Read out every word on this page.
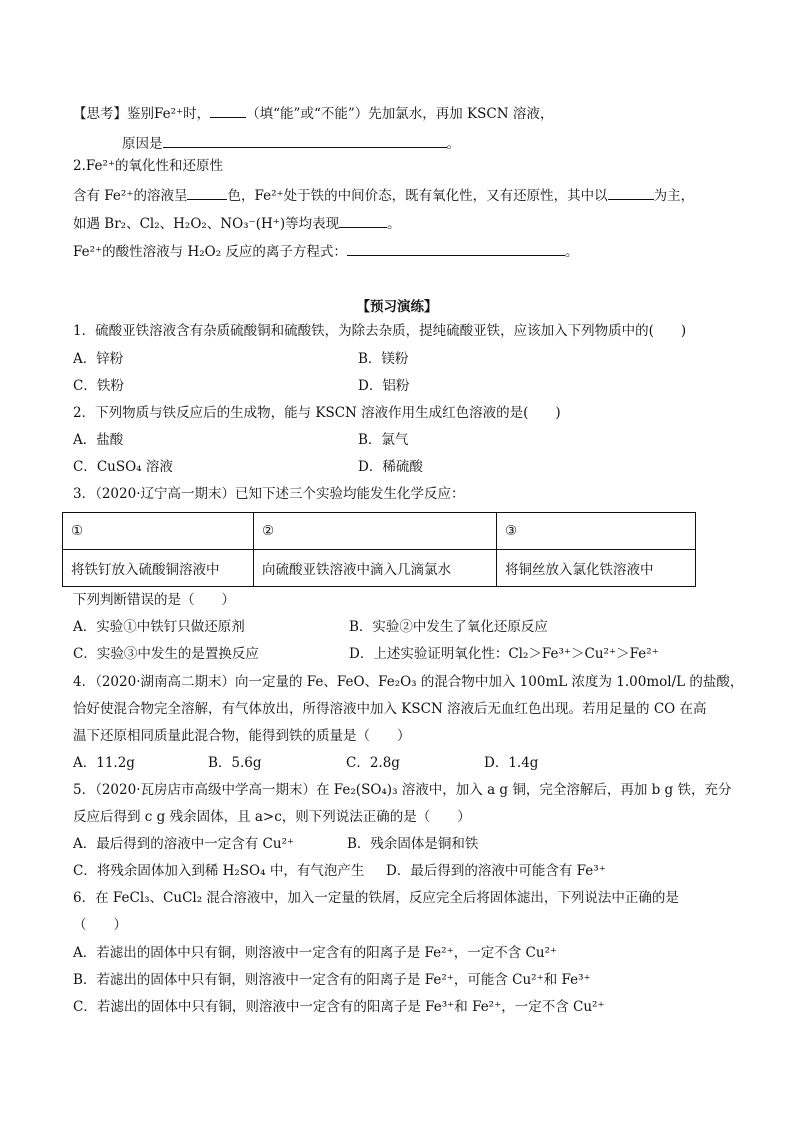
【思考】鉴别Fe²⁺时，	（填“能”或“不能”）先加氯水，再加 KSCN 溶液，
原因是	。
2.Fe²⁺的氧化性和还原性
含有 Fe²⁺的溶液呈	色，Fe²⁺处于铁的中间价态，既有氧化性，又有还原性，其中以	为主，
如遇 Br₂、Cl₂、H₂O₂、NO₃⁻(H⁺)等均表现	。
Fe²⁺的酸性溶液与 H₂O₂ 反应的离子方程式：	。
【预习演练】
1．硫酸亚铁溶液含有杂质硫酸铜和硫酸铁，为除去杂质，提纯硫酸亚铁，应该加入下列物质中的(　　)
A．锌粉	B．镁粉
C．铁粉	D．铝粉
2．下列物质与铁反应后的生成物，能与 KSCN 溶液作用生成红色溶液的是(　　)
A．盐酸	B．氯气
C．CuSO₄ 溶液	D．稀硫酸
3．（2020·辽宁高一期末）已知下述三个实验均能发生化学反应：
①	②	③
将铁钉放入硫酸铜溶液中	向硫酸亚铁溶液中滴入几滴氯水	将铜丝放入氯化铁溶液中
下列判断错误的是（　　）
A．实验①中铁钉只做还原剂	B．实验②中发生了氧化还原反应
C．实验③中发生的是置换反应	D．上述实验证明氧化性：Cl₂＞Fe³⁺＞Cu²⁺＞Fe²⁺
4．（2020·湖南高二期末）向一定量的 Fe、FeO、Fe₂O₃ 的混合物中加入 100mL 浓度为 1.00mol/L 的盐酸，
恰好使混合物完全溶解，有气体放出，所得溶液中加入 KSCN 溶液后无血红色出现。若用足量的 CO 在高
温下还原相同质量此混合物，能得到铁的质量是（　　）
A．11.2g	B．5.6g	C．2.8g	D．1.4g
5．（2020·瓦房店市高级中学高一期末）在 Fe₂(SO₄)₃ 溶液中，加入 a g 铜，完全溶解后，再加 b g 铁，充分
反应后得到 c g 残余固体，且 a>c，则下列说法正确的是（　　）
A．最后得到的溶液中一定含有 Cu²⁺	B．残余固体是铜和铁
C．将残余固体加入到稀 H₂SO₄ 中，有气泡产生 D．最后得到的溶液中可能含有 Fe³⁺
6．在 FeCl₃、CuCl₂ 混合溶液中，加入一定量的铁屑，反应完全后将固体滤出，下列说法中正确的是
（　　）
A．若滤出的固体中只有铜，则溶液中一定含有的阳离子是 Fe²⁺，一定不含 Cu²⁺
B．若滤出的固体中只有铜，则溶液中一定含有的阳离子是 Fe²⁺，可能含 Cu²⁺和 Fe³⁺
C．若滤出的固体中只有铜，则溶液中一定含有的阳离子是 Fe³⁺和 Fe²⁺，一定不含 Cu²⁺
